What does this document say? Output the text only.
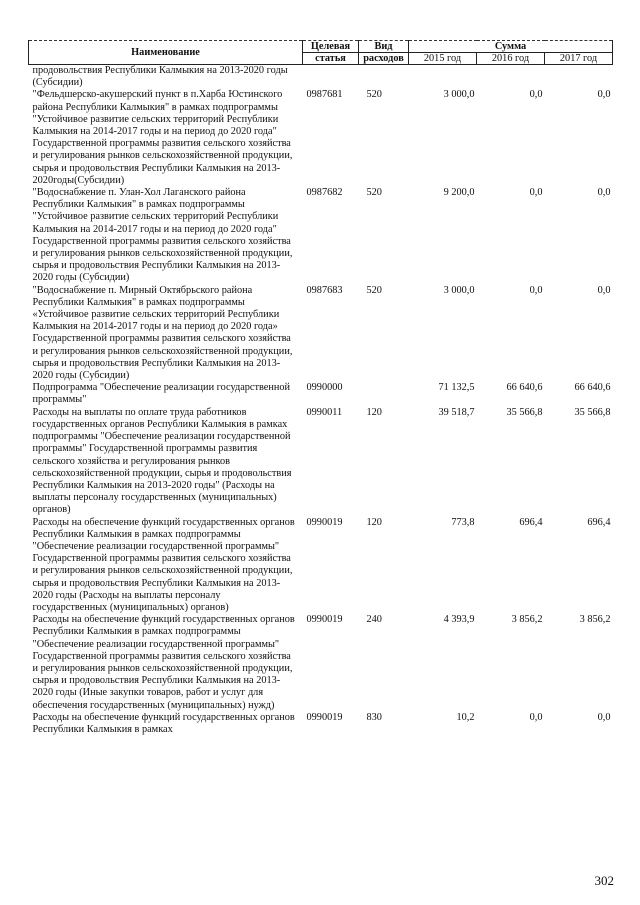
Наименование	Целевая	Вид	Сумма		
	статья	расходов	2015 год	2016 год	2017 год
продовольствия Республики Калмыкия на 2013-2020 годы (Субсидии)					
"Фельдшерско-акушерский пункт в п.Харба Юстинского района Республики Калмыкия" в рамках подпрограммы "Устойчивое развитие сельских территорий Республики Калмыкия на 2014-2017 годы и на период до 2020 года" Государственной программы развития сельского хозяйства и регулирования рынков сельскохозяйственной продукции, сырья и продовольствия Республики Калмыкия на 2013-2020годы(Субсидии)	0987681	520	3 000,0	0,0	0,0
"Водоснабжение п. Улан-Хол Лаганского района Республики Калмыкия" в рамках подпрограммы "Устойчивое развитие сельских территорий Республики Калмыкия на 2014-2017 годы и на период до 2020 года" Государственной программы развития сельского хозяйства и регулирования рынков сельскохозяйственной продукции, сырья и продовольствия Республики Калмыкия на 2013-2020 годы (Субсидии)	0987682	520	9 200,0	0,0	0,0
"Водоснабжение п. Мирный Октябрьского района Республики Калмыкия" в рамках подпрограммы «Устойчивое развитие сельских территорий Республики Калмыкия на 2014-2017 годы и на период до 2020 года» Государственной программы развития сельского хозяйства и регулирования рынков сельскохозяйственной продукции, сырья и продовольствия Республики Калмыкия на 2013-2020 годы (Субсидии)	0987683	520	3 000,0	0,0	0,0
Подпрограмма "Обеспечение реализации государственной программы"	0990000		71 132,5	66 640,6	66 640,6
Расходы на выплаты по оплате труда работников государственных органов Республики Калмыкия в рамках подпрограммы "Обеспечение реализации государственной программы" Государственной программы развития сельского хозяйства и регулирования рынков сельскохозяйственной продукции, сырья и продовольствия Республики Калмыкия на 2013-2020 годы" (Расходы на выплаты персоналу государственных (муниципальных) органов)	0990011	120	39 518,7	35 566,8	35 566,8
Расходы на обеспечение функций государственных органов Республики Калмыкия в рамках подпрограммы "Обеспечение реализации государственной программы" Государственной программы развития сельского хозяйства и регулирования рынков сельскохозяйственной продукции, сырья и продовольствия Республики Калмыкия на 2013-2020 годы (Расходы на выплаты персоналу государственных (муниципальных) органов)	0990019	120	773,8	696,4	696,4
Расходы на обеспечение функций государственных органов Республики Калмыкия в рамках подпрограммы "Обеспечение реализации государственной программы" Государственной программы развития сельского хозяйства и регулирования рынков сельскохозяйственной продукции, сырья и продовольствия Республики Калмыкия на 2013-2020 годы (Иные закупки товаров, работ и услуг для обеспечения государственных (муниципальных) нужд)	0990019	240	4 393,9	3 856,2	3 856,2
Расходы на обеспечение функций государственных органов Республики Калмыкия в рамках	0990019	830	10,2	0,0	0,0
302
